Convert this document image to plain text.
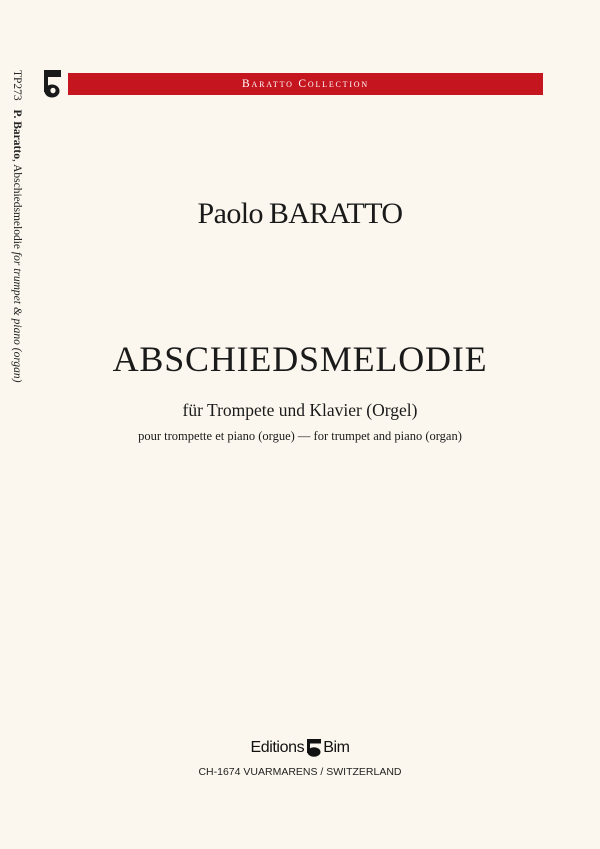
TP273 P. Baratto, Abschiedsmelodie for trumpet & piano (organ)
Baratto Collection
Paolo BARATTO
ABSCHIEDSMELODIE
für Trompete und Klavier (Orgel)
pour trompette et piano (orgue) — for trumpet and piano (organ)
Editions Bim
CH-1674 VUARMARENS / SWITZERLAND
